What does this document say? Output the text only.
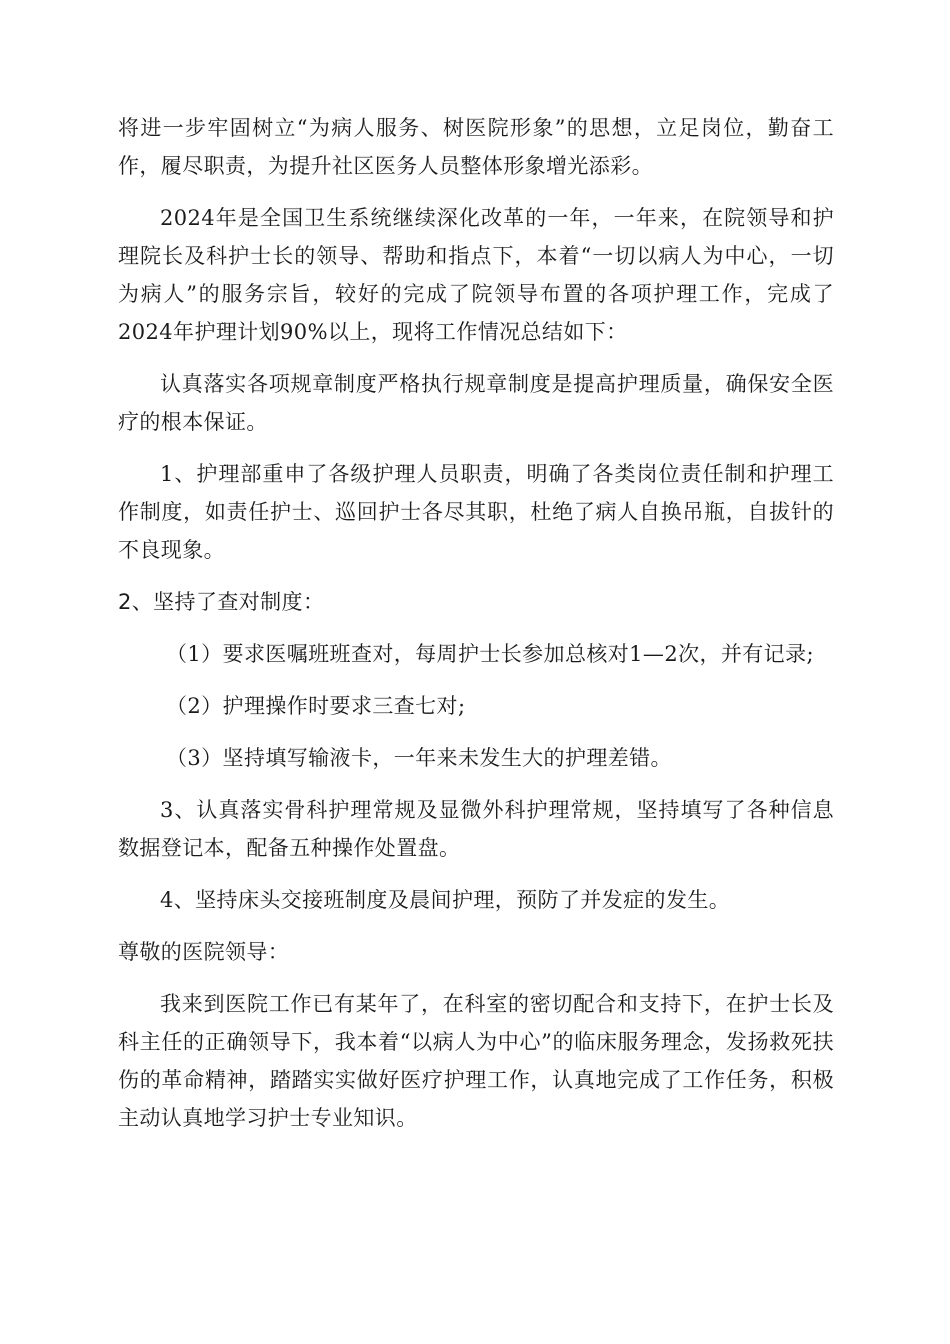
将进一步牢固树立“为病人服务、树医院形象”的思想，立足岗位，勤奋工作，履尽职责，为提升社区医务人员整体形象增光添彩。

2024年是全国卫生系统继续深化改革的一年，一年来，在院领导和护理院长及科护士长的领导、帮助和指点下，本着“一切以病人为中心，一切为病人”的服务宗旨，较好的完成了院领导布置的各项护理工作，完成了2024年护理计划90%以上，现将工作情况总结如下：

认真落实各项规章制度严格执行规章制度是提高护理质量，确保安全医疗的根本保证。

1、护理部重申了各级护理人员职责，明确了各类岗位责任制和护理工作制度，如责任护士、巡回护士各尽其职，杜绝了病人自换吊瓶，自拔针的不良现象。

2、坚持了查对制度：

（1）要求医嘱班班查对，每周护士长参加总核对1—2次，并有记录;

（2）护理操作时要求三查七对;

（3）坚持填写输液卡，一年来未发生大的护理差错。

3、认真落实骨科护理常规及显微外科护理常规，坚持填写了各种信息数据登记本，配备五种操作处置盘。

4、坚持床头交接班制度及晨间护理，预防了并发症的发生。

尊敬的医院领导：

我来到医院工作已有某年了，在科室的密切配合和支持下，在护士长及科主任的正确领导下，我本着“以病人为中心”的临床服务理念，发扬救死扶伤的革命精神，踏踏实实做好医疗护理工作，认真地完成了工作任务，积极主动认真地学习护士专业知识。
